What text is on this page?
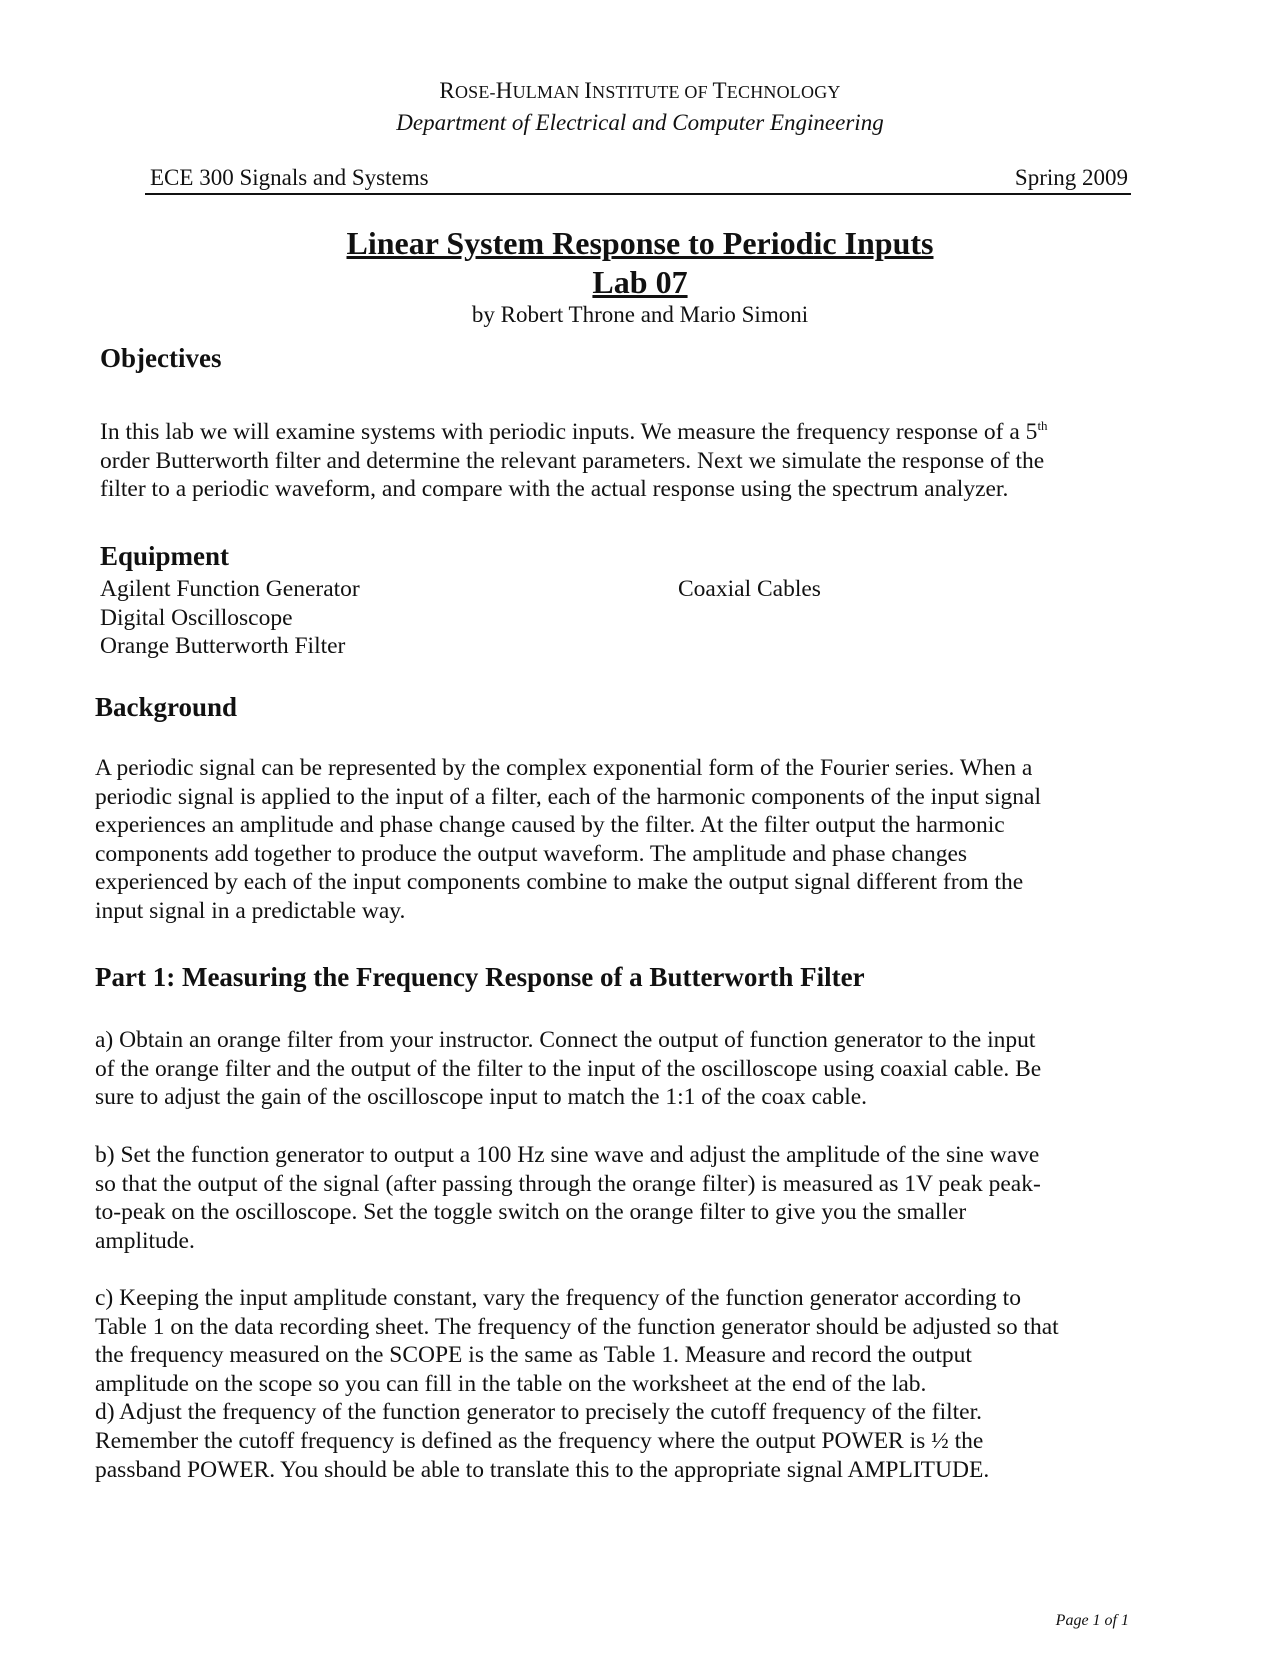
ROSE-HULMAN INSTITUTE OF TECHNOLOGY
Department of Electrical and Computer Engineering
ECE 300 Signals and Systems	Spring 2009
Linear System Response to Periodic Inputs
Lab 07
by Robert Throne and Mario Simoni
Objectives
In this lab we will examine systems with periodic inputs. We measure the frequency response of a 5th
order Butterworth filter and determine the relevant parameters. Next we simulate the response of the
filter to a periodic waveform, and compare with the actual response using the spectrum analyzer.
Equipment
Agilent Function Generator
Digital Oscilloscope
Orange Butterworth Filter
Coaxial Cables
Background
A periodic signal can be represented by the complex exponential form of the Fourier series. When a
periodic signal is applied to the input of a filter, each of the harmonic components of the input signal
experiences an amplitude and phase change caused by the filter. At the filter output the harmonic
components add together to produce the output waveform. The amplitude and phase changes
experienced by each of the input components combine to make the output signal different from the
input signal in a predictable way.
Part 1: Measuring the Frequency Response of a Butterworth Filter
a) Obtain an orange filter from your instructor. Connect the output of function generator to the input
of the orange filter and the output of the filter to the input of the oscilloscope using coaxial cable. Be
sure to adjust the gain of the oscilloscope input to match the 1:1 of the coax cable.
b) Set the function generator to output a 100 Hz sine wave and adjust the amplitude of the sine wave
so that the output of the signal (after passing through the orange filter) is measured as 1V peak peak-
to-peak on the oscilloscope. Set the toggle switch on the orange filter to give you the smaller
amplitude.
c) Keeping the input amplitude constant, vary the frequency of the function generator according to
Table 1 on the data recording sheet. The frequency of the function generator should be adjusted so that
the frequency measured on the SCOPE is the same as Table 1. Measure and record the output
amplitude on the scope so you can fill in the table on the worksheet at the end of the lab.
d) Adjust the frequency of the function generator to precisely the cutoff frequency of the filter.
Remember the cutoff frequency is defined as the frequency where the output POWER is ½ the
passband POWER. You should be able to translate this to the appropriate signal AMPLITUDE.
Page 1 of 1
